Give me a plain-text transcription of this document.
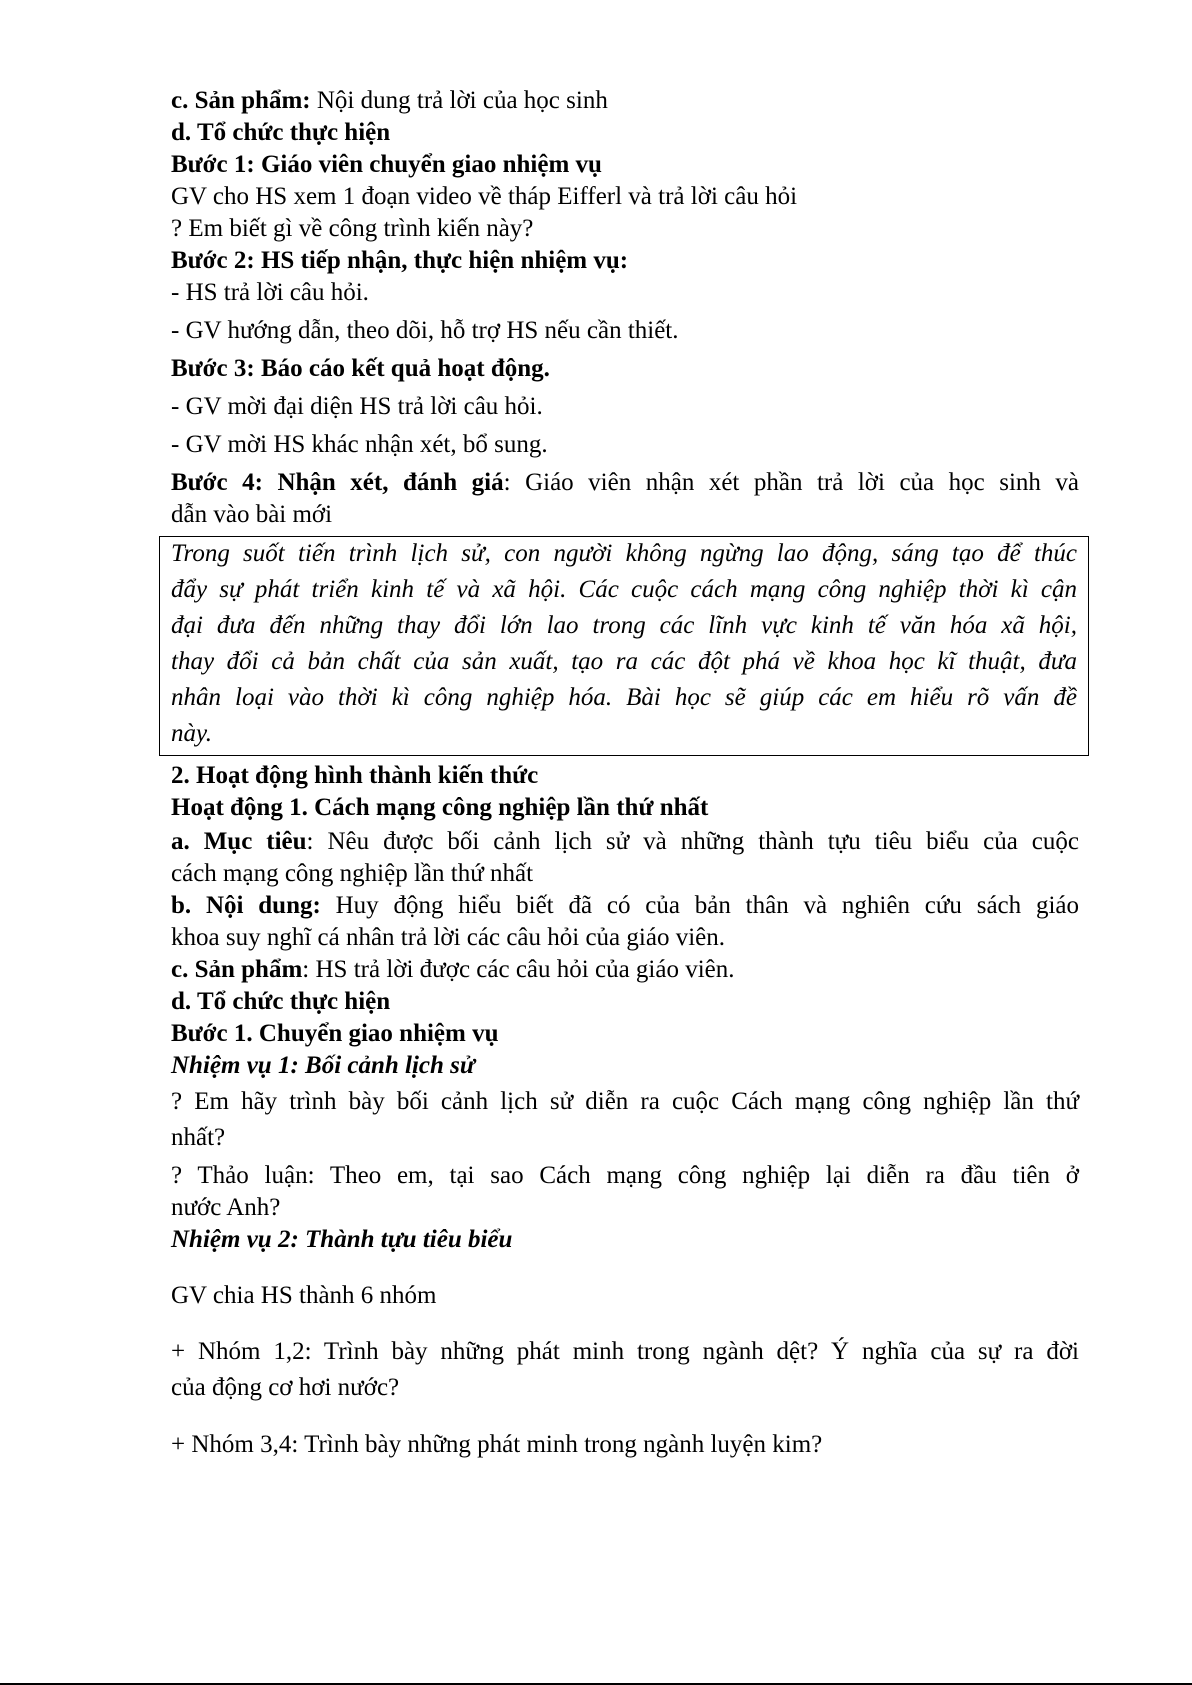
c. Sản phẩm: Nội dung trả lời của học sinh
d. Tổ chức thực hiện
Bước 1: Giáo viên chuyển giao nhiệm vụ
GV cho HS xem 1 đoạn video về tháp Eifferl và trả lời câu hỏi
? Em biết gì về công trình kiến này?
Bước 2: HS tiếp nhận, thực hiện nhiệm vụ:
- HS trả lời câu hỏi.
- GV hướng dẫn, theo dõi, hỗ trợ HS nếu cần thiết.
Bước 3: Báo cáo kết quả hoạt động.
- GV mời đại diện HS trả lời câu hỏi.
- GV mời HS khác nhận xét, bổ sung.
Bước 4: Nhận xét, đánh giá: Giáo viên nhận xét phần trả lời của học sinh và
dẫn vào bài mới
Trong suốt tiến trình lịch sử, con người không ngừng lao động, sáng tạo để thúc
đẩy sự phát triển kinh tế và xã hội. Các cuộc cách mạng công nghiệp thời kì cận
đại đưa đến những thay đổi lớn lao trong các lĩnh vực kinh tế văn hóa xã hội,
thay đổi cả bản chất của sản xuất, tạo ra các đột phá về khoa học kĩ thuật, đưa
nhân loại vào thời kì công nghiệp hóa. Bài học sẽ giúp các em hiểu rõ vấn đề
này.
2. Hoạt động hình thành kiến thức
Hoạt động 1. Cách mạng công nghiệp lần thứ nhất
a. Mục tiêu: Nêu được bối cảnh lịch sử và những thành tựu tiêu biểu của cuộc
cách mạng công nghiệp lần thứ nhất
b. Nội dung: Huy động hiểu biết đã có của bản thân và nghiên cứu sách giáo
khoa suy nghĩ cá nhân trả lời các câu hỏi của giáo viên.
c. Sản phẩm: HS trả lời được các câu hỏi của giáo viên.
d. Tổ chức thực hiện
Bước 1. Chuyển giao nhiệm vụ
Nhiệm vụ 1: Bối cảnh lịch sử
? Em hãy trình bày bối cảnh lịch sử diễn ra cuộc Cách mạng công nghiệp lần thứ
nhất?
? Thảo luận: Theo em, tại sao Cách mạng công nghiệp lại diễn ra đầu tiên ở
nước Anh?
Nhiệm vụ 2: Thành tựu tiêu biểu
GV chia HS thành 6 nhóm
+ Nhóm 1,2: Trình bày những phát minh trong ngành dệt? Ý nghĩa của sự ra đời
của động cơ hơi nước?
+ Nhóm 3,4: Trình bày những phát minh trong ngành luyện kim?
